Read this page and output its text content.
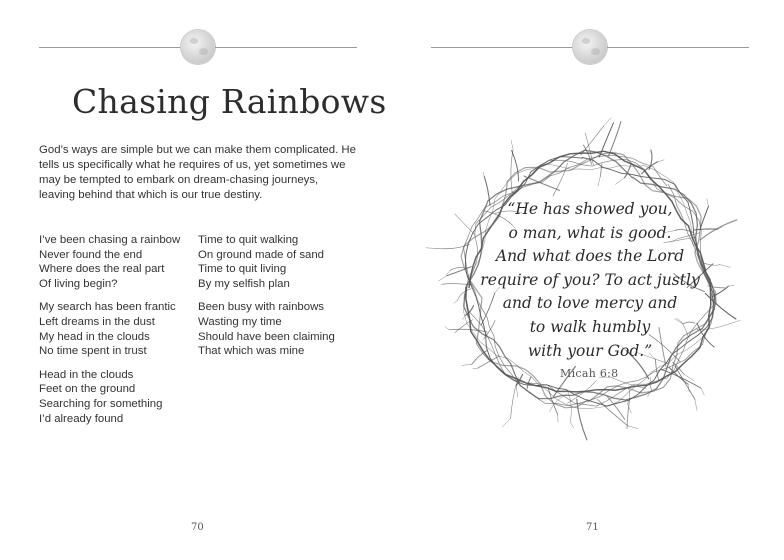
Chasing Rainbows

God’s ways are simple but we can make them complicated. He tells us specifically what he requires of us, yet sometimes we may be tempted to embark on dream-chasing journeys, leaving behind that which is our true destiny.

I’ve been chasing a rainbow
Never found the end
Where does the real part
Of living begin?
My search has been frantic
Left dreams in the dust
My head in the clouds
No time spent in trust
Head in the clouds
Feet on the ground
Searching for something
I’d already found
Time to quit walking
On ground made of sand
Time to quit living
By my selfish plan
Been busy with rainbows
Wasting my time
Should have been claiming
That which was mine
70
“He has showed you,
o man, what is good.
And what does the Lord
require of you? To act justly
and to love mercy and
to walk humbly
with your God.”
Micah 6:8
71
